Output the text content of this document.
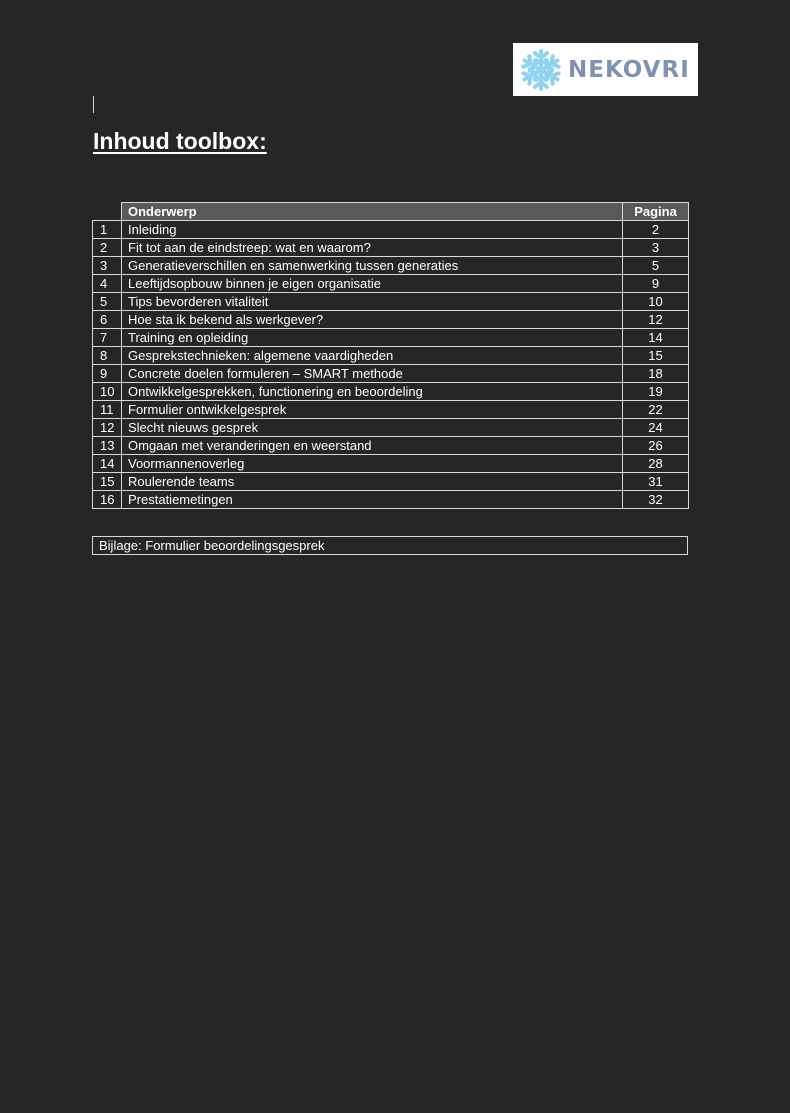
NEKOVRI
Inhoud toolbox:
	Onderwerp	Pagina
1	Inleiding	2
2	Fit tot aan de eindstreep: wat en waarom?	3
3	Generatieverschillen en samenwerking tussen generaties	5
4	Leeftijdsopbouw binnen je eigen organisatie	9
5	Tips bevorderen vitaliteit	10
6	Hoe sta ik bekend als werkgever?	12
7	Training en opleiding	14
8	Gesprekstechnieken: algemene vaardigheden	15
9	Concrete doelen formuleren – SMART methode	18
10	Ontwikkelgesprekken, functionering en beoordeling	19
11	Formulier ontwikkelgesprek	22
12	Slecht nieuws gesprek	24
13	Omgaan met veranderingen en weerstand	26
14	Voormannenoverleg	28
15	Roulerende teams	31
16	Prestatiemetingen	32
Bijlage: Formulier beoordelingsgesprek
